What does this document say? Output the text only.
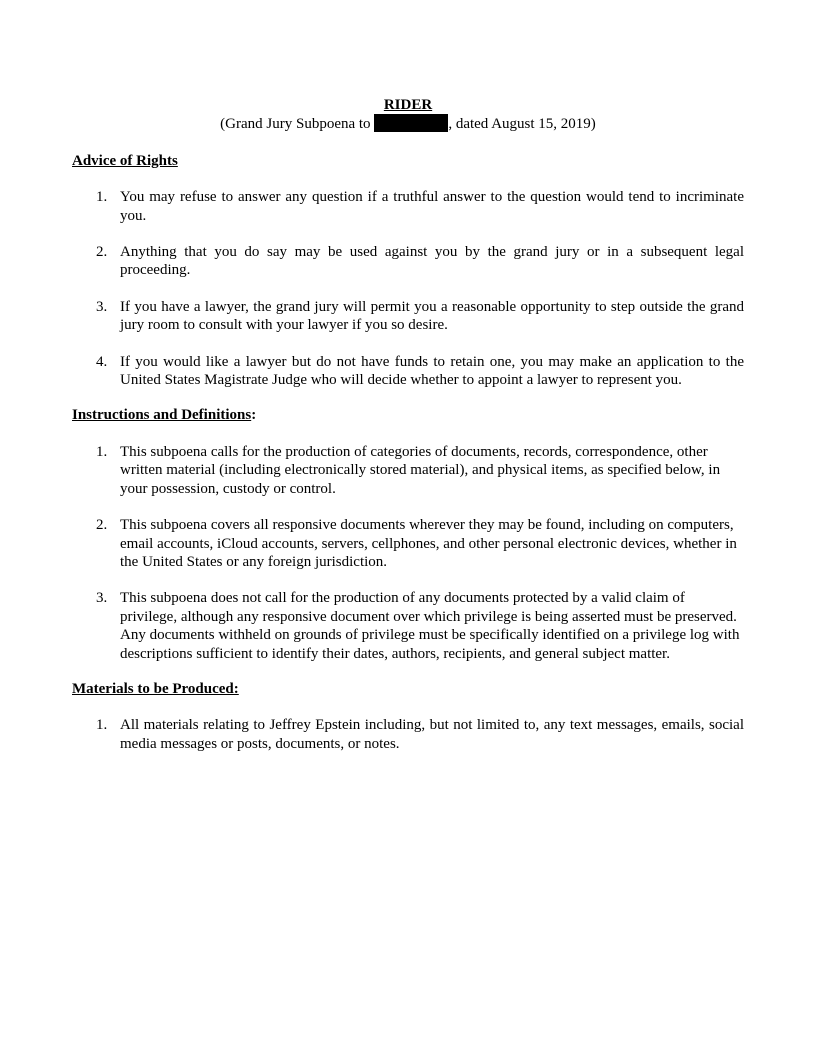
RIDER

(Grand Jury Subpoena to	, dated August 15, 2019)

Advice of Rights

1. You may refuse to answer any question if a truthful answer to the question would tend to incriminate you.
2. Anything that you do say may be used against you by the grand jury or in a subsequent legal proceeding.
3. If you have a lawyer, the grand jury will permit you a reasonable opportunity to step outside the grand jury room to consult with your lawyer if you so desire.
4. If you would like a lawyer but do not have funds to retain one, you may make an application to the United States Magistrate Judge who will decide whether to appoint a lawyer to represent you.

Instructions and Definitions:

1. This subpoena calls for the production of categories of documents, records, correspondence, other written material (including electronically stored material), and physical items, as specified below, in your possession, custody or control.
2. This subpoena covers all responsive documents wherever they may be found, including on computers, email accounts, iCloud accounts, servers, cellphones, and other personal electronic devices, whether in the United States or any foreign jurisdiction.
3. This subpoena does not call for the production of any documents protected by a valid claim of privilege, although any responsive document over which privilege is being asserted must be preserved. Any documents withheld on grounds of privilege must be specifically identified on a privilege log with descriptions sufficient to identify their dates, authors, recipients, and general subject matter.

Materials to be Produced:

1. All materials relating to Jeffrey Epstein including, but not limited to, any text messages, emails, social media messages or posts, documents, or notes.
